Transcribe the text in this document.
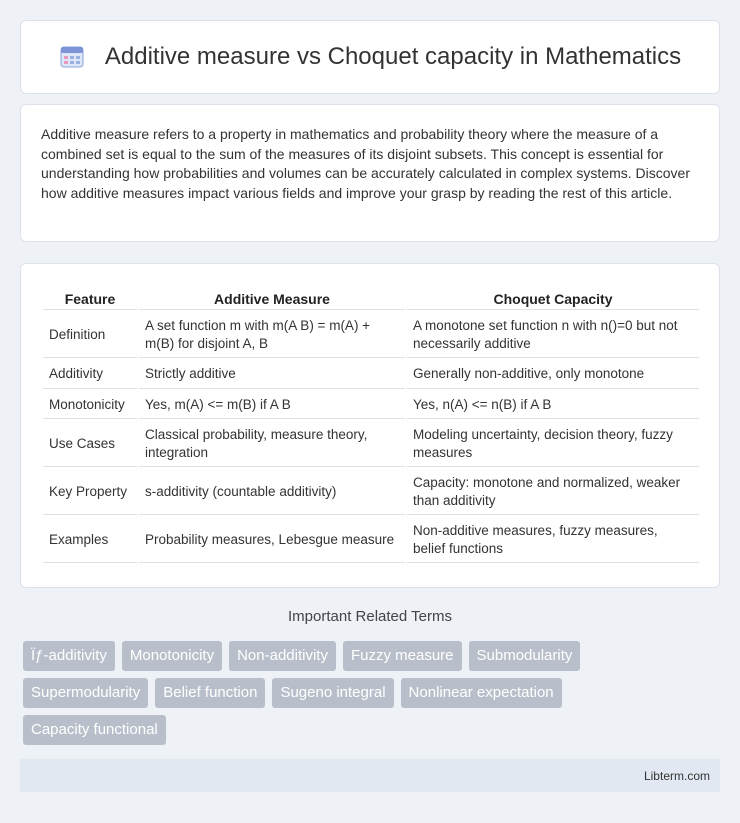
Additive measure vs Choquet capacity in Mathematics

Additive measure refers to a property in mathematics and probability theory where the measure of a combined set is equal to the sum of the measures of its disjoint subsets. This concept is essential for understanding how probabilities and volumes can be accurately calculated in complex systems. Discover how additive measures impact various fields and improve your grasp by reading the rest of this article.

Feature	Additive Measure	Choquet Capacity
Definition	A set function m with m(A B) = m(A) + m(B) for disjoint A, B	A monotone set function n with n()=0 but not necessarily additive
Additivity	Strictly additive	Generally non-additive, only monotone
Monotonicity	Yes, m(A) <= m(B) if A B	Yes, n(A) <= n(B) if A B
Use Cases	Classical probability, measure theory, integration	Modeling uncertainty, decision theory, fuzzy measures
Key Property	s-additivity (countable additivity)	Capacity: monotone and normalized, weaker than additivity
Examples	Probability measures, Lebesgue measure	Non-additive measures, fuzzy measures, belief functions
Important Related Terms
Ïƒ-additivity	Monotonicity	Non-additivity	Fuzzy measure	Submodularity
Supermodularity	Belief function	Sugeno integral	Nonlinear expectation
Capacity functional
Libterm.com
